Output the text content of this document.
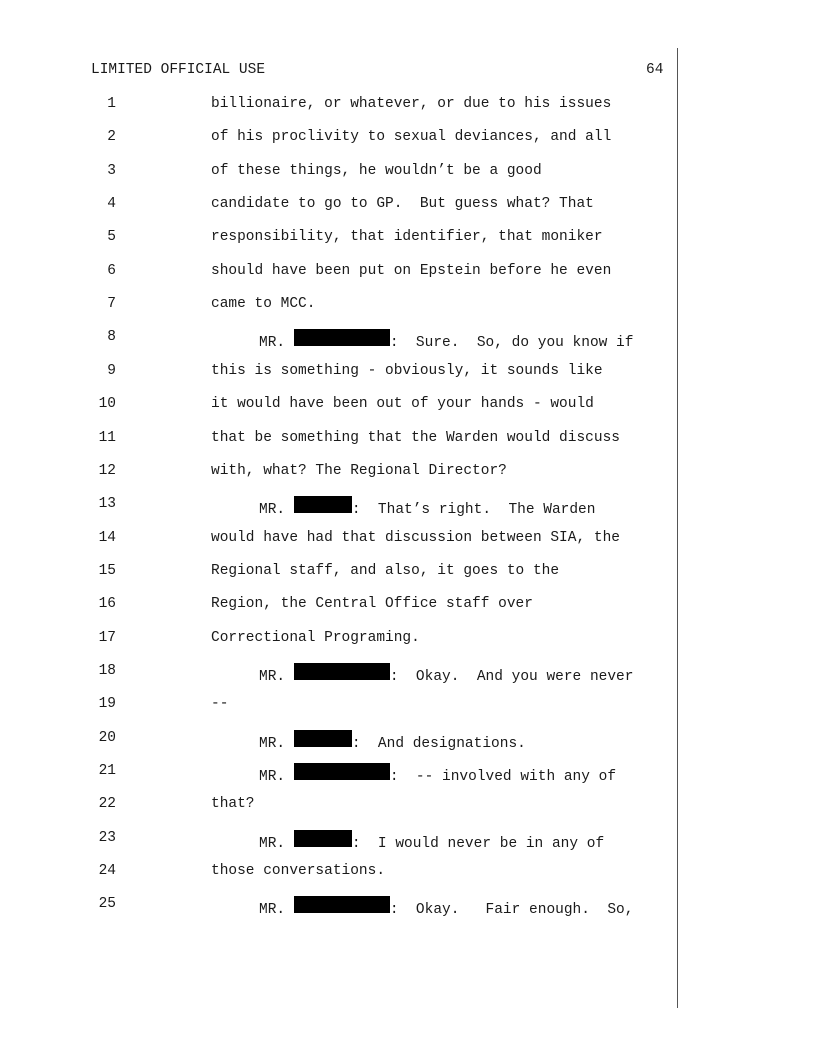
LIMITED OFFICIAL USE	64
1	billionaire, or whatever, or due to his issues
2	of his proclivity to sexual deviances, and all
3	of these things, he wouldn’t be a good
4	candidate to go to GP.  But guess what? That
5	responsibility, that identifier, that moniker
6	should have been put on Epstein before he even
7	came to MCC.
8	MR.	:  Sure.  So, do you know if
9	this is something - obviously, it sounds like
10	it would have been out of your hands - would
11	that be something that the Warden would discuss
12	with, what? The Regional Director?
13	MR.	:  That’s right.  The Warden
14	would have had that discussion between SIA, the
15	Regional staff, and also, it goes to the
16	Region, the Central Office staff over
17	Correctional Programing.
18	MR.	:  Okay.  And you were never
19	--
20	MR.	:  And designations.
21	MR.	:  -- involved with any of
22	that?
23	MR.	:  I would never be in any of
24	those conversations.
25	MR.	:  Okay.   Fair enough.  So,
